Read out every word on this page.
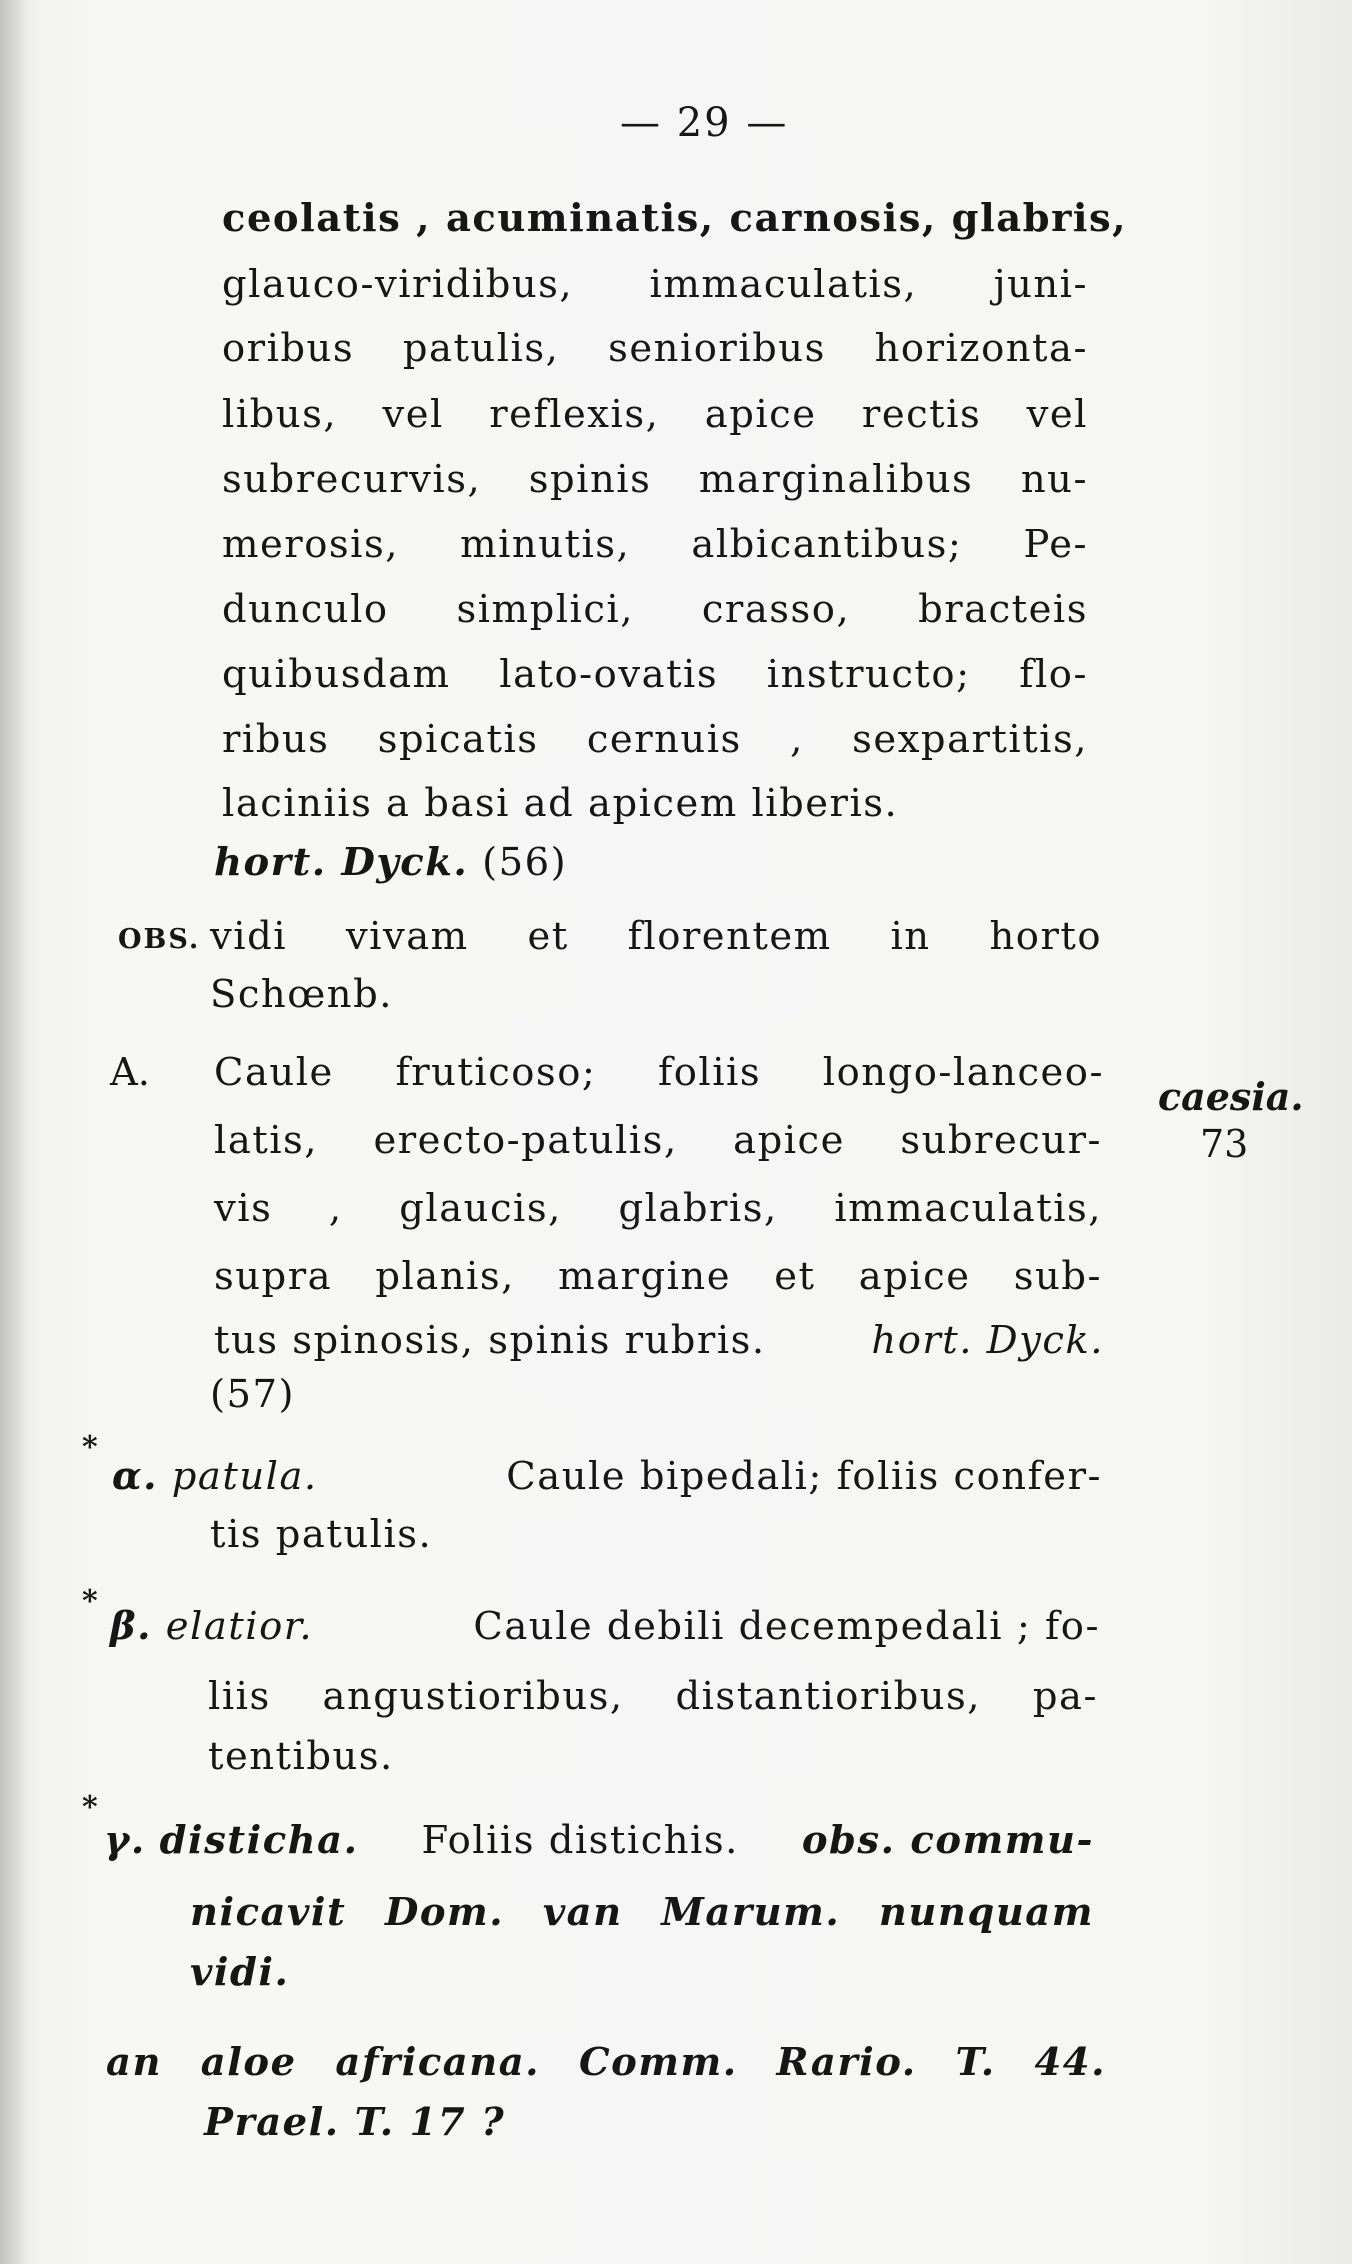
— 29 —
ceolatis , acuminatis, carnosis, glabris,
glauco-viridibus, immaculatis, juni-
oribus patulis, senioribus horizonta-
libus, vel reflexis, apice rectis vel
subrecurvis, spinis marginalibus nu-
merosis, minutis, albicantibus; Pe-
dunculo simplici, crasso, bracteis
quibusdam lato-ovatis instructo; flo-
ribus spicatis cernuis , sexpartitis,
laciniis a basi ad apicem liberis.
hort. Dyck. (56)
OBS. vidi vivam et florentem in horto
Schœnb.
A. Caule fruticoso; foliis longo-lanceo-
latis, erecto-patulis, apice subrecur-
vis , glaucis, glabris, immaculatis,
supra planis, margine et apice sub-
tus spinosis, spinis rubris.	hort. Dyck.
(57)
caesia.
73
*
α. patula.	Caule bipedali; foliis confer-
tis patulis.
*
β. elatior.	Caule debili decempedali ; fo-
liis angustioribus, distantioribus, pa-
tentibus.
*
γ. disticha. Foliis distichis. obs. commu-
nicavit Dom. van Marum. nunquam
vidi.
an aloe africana. Comm. Rario. T. 44.
Prael. T. 17 ?
